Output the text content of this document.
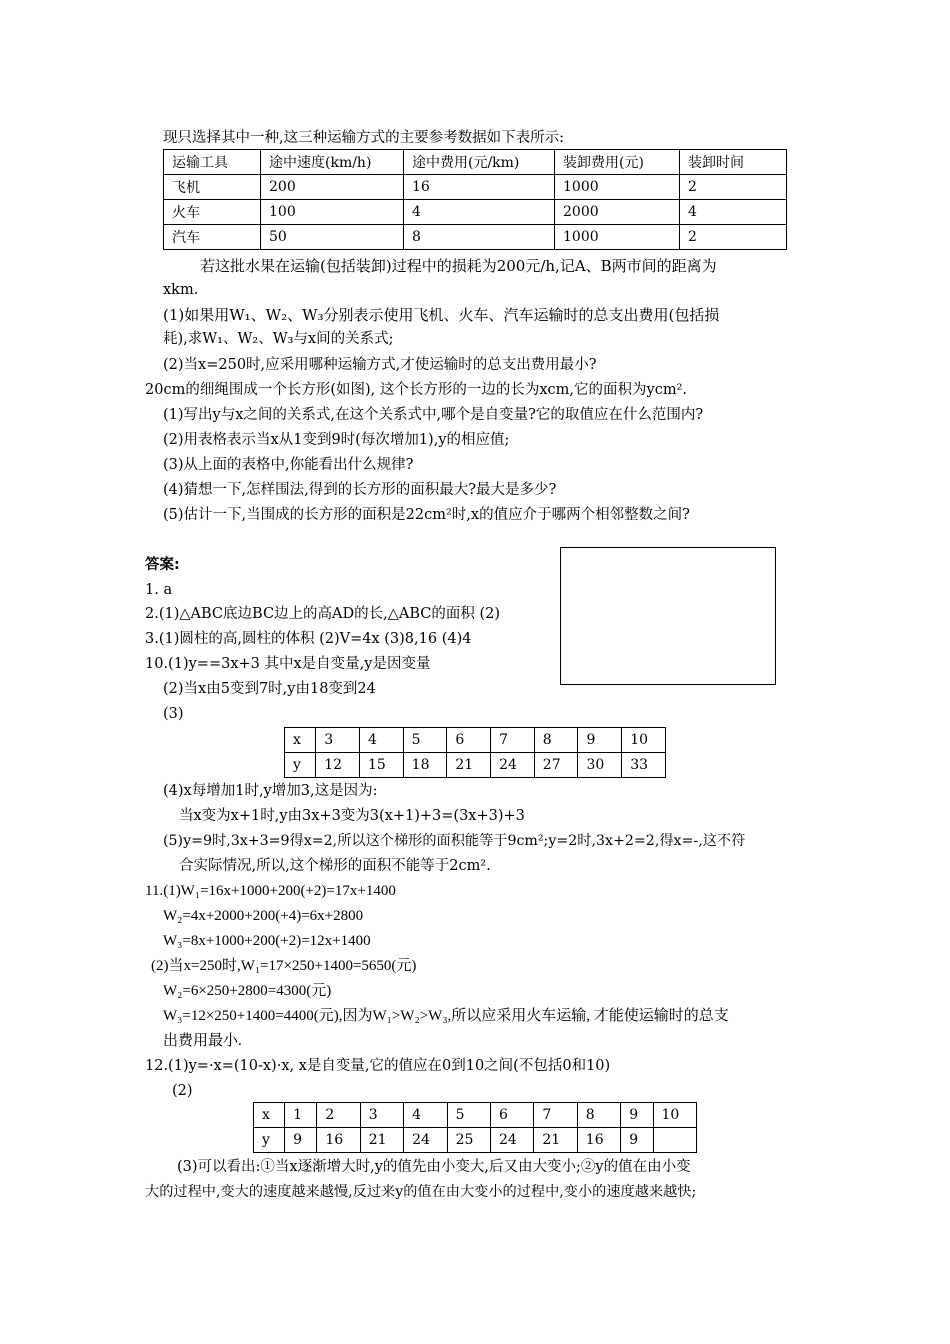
现只选择其中一种,这三种运输方式的主要参考数据如下表所示:
运输工具	途中速度(km/h)	途中费用(元/km)	装卸费用(元)	装卸时间
飞机	200	16	1000	2
火车	100	4	2000	4
汽车	50	8	1000	2
若这批水果在运输(包括装卸)过程中的损耗为200元/h,记A、B两市间的距离为
xkm.
(1)如果用W₁、W₂、W₃分别表示使用飞机、火车、汽车运输时的总支出费用(包括损
耗),求W₁、W₂、W₃与x间的关系式;
(2)当x=250时,应采用哪种运输方式,才使运输时的总支出费用最小?
20cm的细绳围成一个长方形(如图), 这个长方形的一边的长为xcm,它的面积为ycm².
(1)写出y与x之间的关系式,在这个关系式中,哪个是自变量?它的取值应在什么范围内?
(2)用表格表示当x从1变到9时(每次增加1),y的相应值;
(3)从上面的表格中,你能看出什么规律?
(4)猜想一下,怎样围法,得到的长方形的面积最大?最大是多少?
(5)估计一下,当围成的长方形的面积是22cm²时,x的值应介于哪两个相邻整数之间?
答案:
1. a
2.(1)△ABC底边BC边上的高AD的长,△ABC的面积 (2)
3.(1)圆柱的高,圆柱的体积 (2)V=4x (3)8,16 (4)4
10.(1)y==3x+3 其中x是自变量,y是因变量
(2)当x由5变到7时,y由18变到24
(3)
x	3	4	5	6	7	8	9	10
y	12	15	18	21	24	27	30	33
(4)x每增加1时,y增加3,这是因为:
当x变为x+1时,y由3x+3变为3(x+1)+3=(3x+3)+3
(5)y=9时,3x+3=9得x=2,所以这个梯形的面积能等于9cm²;y=2时,3x+2=2,得x=-,这不符
合实际情况,所以,这个梯形的面积不能等于2cm².
11.(1)W₁=16x+1000+200(+2)=17x+1400
W₂=4x+2000+200(+4)=6x+2800
W₃=8x+1000+200(+2)=12x+1400
(2)当x=250时,W₁=17×250+1400=5650(元)
W₂=6×250+2800=4300(元)
W₃=12×250+1400=4400(元),因为W₁>W₂>W₃,所以应采用火车运输, 才能使运输时的总支
出费用最小.
12.(1)y=·x=(10-x)·x, x是自变量,它的值应在0到10之间(不包括0和10)
(2)
x	1	2	3	4	5	6	7	8	9	10
y	9	16	21	24	25	24	21	16	9	
(3)可以看出:①当x逐渐增大时,y的值先由小变大,后又由大变小;②y的值在由小变
大的过程中,变大的速度越来越慢,反过来y的值在由大变小的过程中,变小的速度越来越快;
